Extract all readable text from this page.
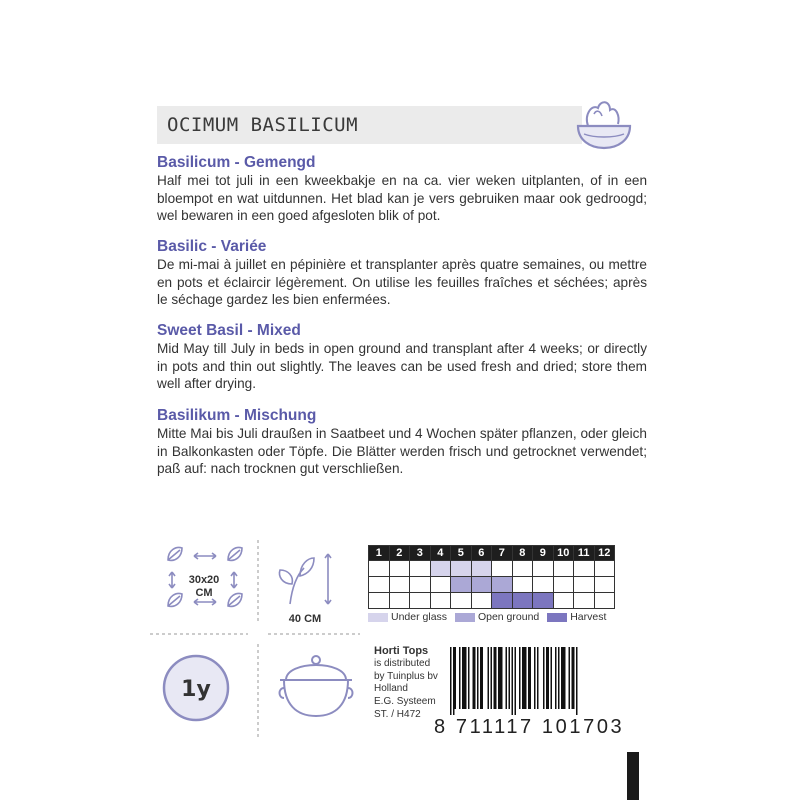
OCIMUM BASILICUM
Basilicum - Gemengd

Half mei tot juli in een kweekbakje en na ca. vier weken uitplanten, of in een bloempot en wat uitdunnen. Het blad kan je vers gebruiken maar ook gedroogd; wel bewaren in een goed afgesloten blik of pot.

Basilic - Variée

De mi-mai à juillet en pépinière et transplanter après quatre semaines, ou mettre en pots et éclaircir légèrement. On utilise les feuilles fraîches et séchées; après le séchage gardez les bien enfermées.

Sweet Basil - Mixed

Mid May till July in beds in open ground and transplant after 4 weeks; or directly in pots and thin out slightly. The leaves can be used fresh and dried; store them well after drying.

Basilikum - Mischung

Mitte Mai bis Juli draußen in Saatbeet und 4 Wochen später pflanzen, oder gleich in Balkonkasten oder Töpfe. Die Blätter werden frisch und getrocknet verwendet; paß auf: nach trocknen gut verschließen.

30x20
CM
40 CM
1y
1	2	3	4	5	6	7	8	9	10	11	12

Under glass	Open ground	Harvest
Horti Tops
is distributed
by Tuinplus bv
Holland
E.G. Systeem
ST. / H472
8 711117 101703
